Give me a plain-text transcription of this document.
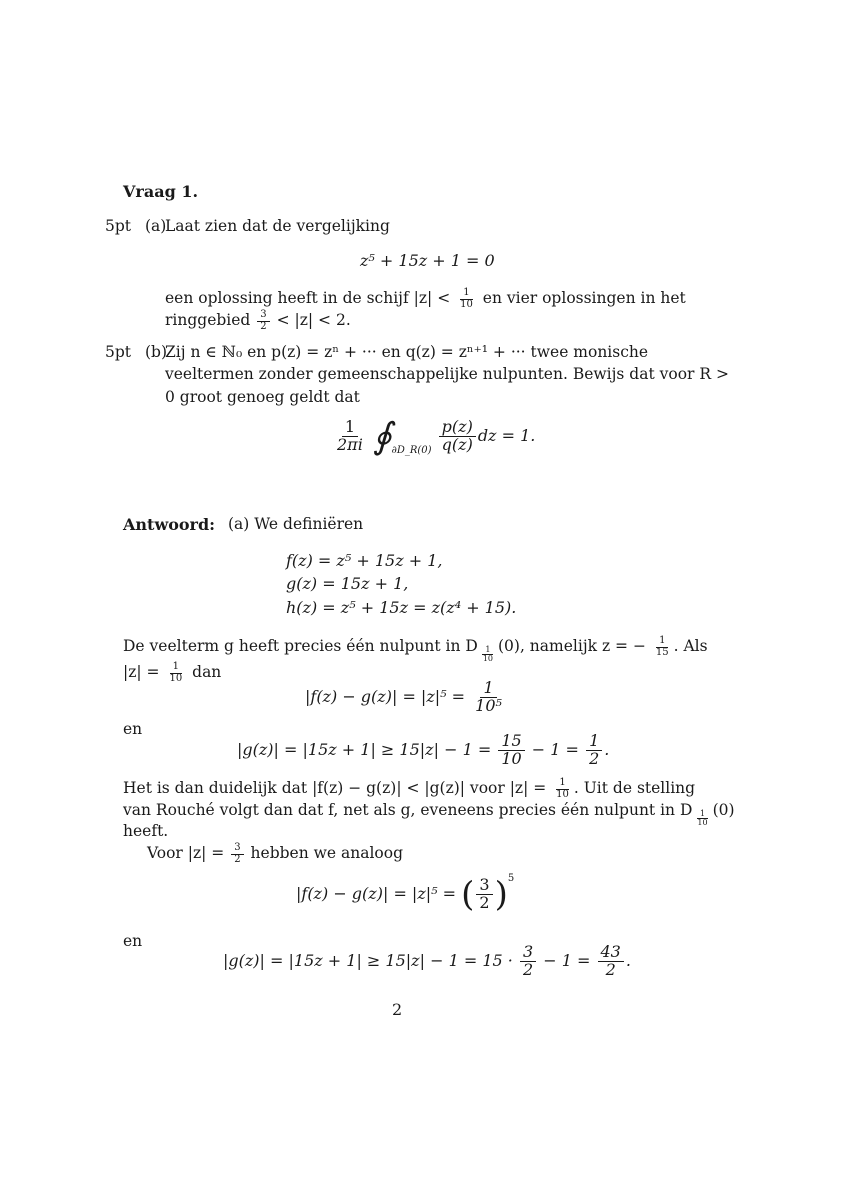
Vraag 1.
5pt (a)
Laat zien dat de vergelijking
z⁵ + 15z + 1 = 0
een oplossing heeft in de schijf $|z| < \frac{1}{10}$ en vier oplossingen in het
ringgebied $\frac{3}{2} < |z| < 2$.
5pt (b)
Zij n ∈ ℕ₀ en p(z) = zⁿ + ··· en q(z) = zⁿ⁺¹ + ··· twee monische
veeltermen zonder gemeenschappelijke nulpunten. Bewijs dat voor R >
0 groot genoeg geldt dat
$\frac{1}{2\pi i}$ $∮_{\partial D\_R(0)} \frac{p(z)}{q(z)}$ dz = 1.
Antwoord: (a) We definiëren
f(z) = z⁵ + 15z + 1,
g(z) = 15z + 1,
h(z) = z⁵ + 15z = z(z⁴ + 15).
De veelterm g heeft precies één nulpunt in D $_{\frac{1}{10}}$ (0), namelijk z = − $\frac{1}{15}$ . Als
$|z| = \frac{1}{10}$ dan
$|f(z) - g(z)| = |z|^5 = \frac{1}{\text{10⁵}}$
en
$|g(z)| = |15z + 1| \ge 15|z| - 1 = \frac{15}{10} - 1 = \frac{1}{2}$ .
Het is dan duidelijk dat |f(z) − g(z)| < |g(z)| voor $|z| = \frac{1}{10}$ . Uit de stelling
van Rouché volgt dan dat f, net als g, eveneens precies één nulpunt in D $_{\frac{1}{10}}$ (0)
heeft.
Voor $|z| = \frac{3}{2}$ hebben we analoog
|f(z) − g(z)| = |z|⁵ = ( $\frac{3}{2} )^5$
en
$|g(z)| = |15z + 1| \ge 15|z| - 1 = 15 \cdot \frac{3}{2} - 1 = \frac{43}{2}$ .
2
